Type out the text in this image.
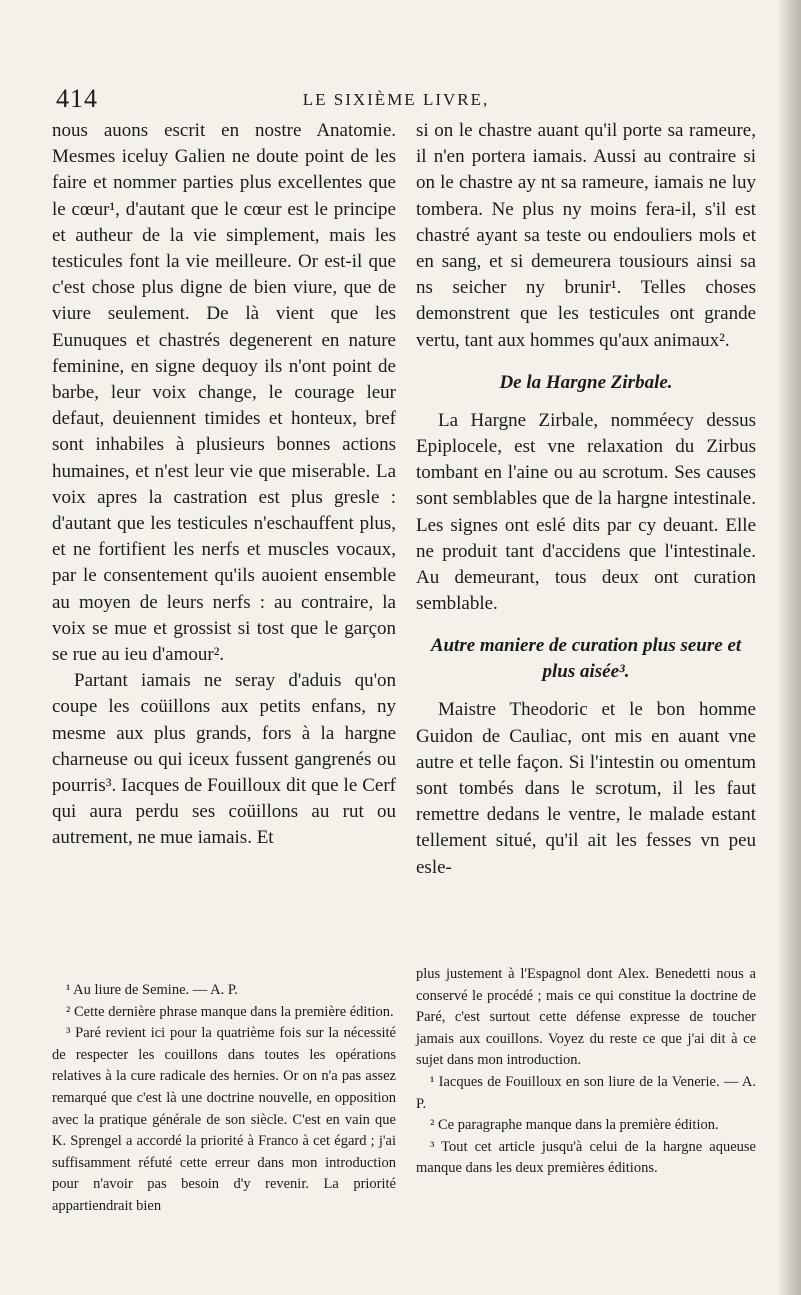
414	LE SIXIÈME LIVRE,

nous auons escrit en nostre Anatomie. Mesmes iceluy Galien ne doute point de les faire et nommer parties plus excellentes que le cœur¹, d'autant que le cœur est le principe et autheur de la vie simplement, mais les testicules font la vie meilleure. Or est-il que c'est chose plus digne de bien viure, que de viure seulement. De là vient que les Eunuques et chastrés degenerent en nature feminine, en signe dequoy ils n'ont point de barbe, leur voix change, le courage leur defaut, deuiennent timides et honteux, bref sont inhabiles à plusieurs bonnes actions humaines, et n'est leur vie que miserable. La voix apres la castration est plus gresle : d'autant que les testicules n'eschauffent plus, et ne fortifient les nerfs et muscles vocaux, par le consentement qu'ils auoient ensemble au moyen de leurs nerfs : au contraire, la voix se mue et grossist si tost que le garçon se rue au ieu d'amour².

Partant iamais ne seray d'aduis qu'on coupe les coüillons aux petits enfans, ny mesme aux plus grands, fors à la hargne charneuse ou qui iceux fussent gangrenés ou pourris³. Iacques de Fouilloux dit que le Cerf qui aura perdu ses coüillons au rut ou autrement, ne mue iamais. Et

si on le chastre auant qu'il porte sa rameure, il n'en portera iamais. Aussi au contraire si on le chastre ay nt sa rameure, iamais ne luy tombera. Ne plus ny moins fera-il, s'il est chastré ayant sa teste ou endouliers mols et en sang, et si demeurera tousiours ainsi sa ns seicher ny brunir¹. Telles choses demonstrent que les testicules ont grande vertu, tant aux hommes qu'aux animaux².

De la Hargne Zirbale.

La Hargne Zirbale, nomméecy dessus Epiplocele, est vne relaxation du Zirbus tombant en l'aine ou au scrotum. Ses causes sont semblables que de la hargne intestinale. Les signes ont eslé dits par cy deuant. Elle ne produit tant d'accidens que l'intestinale. Au demeurant, tous deux ont curation semblable.

Autre maniere de curation plus seure et plus aisée³.

Maistre Theodoric et le bon homme Guidon de Cauliac, ont mis en auant vne autre et telle façon. Si l'intestin ou omentum sont tombés dans le scrotum, il les faut remettre dedans le ventre, le malade estant tellement situé, qu'il ait les fesses vn peu esle-

¹ Au liure de Semine. — A. P.

² Cette dernière phrase manque dans la première édition.

³ Paré revient ici pour la quatrième fois sur la nécessité de respecter les couillons dans toutes les opérations relatives à la cure radicale des hernies. Or on n'a pas assez remarqué que c'est là une doctrine nouvelle, en opposition avec la pratique générale de son siècle. C'est en vain que K. Sprengel a accordé la priorité à Franco à cet égard ; j'ai suffisamment réfuté cette erreur dans mon introduction pour n'avoir pas besoin d'y revenir. La priorité appartiendrait bien

plus justement à l'Espagnol dont Alex. Benedetti nous a conservé le procédé ; mais ce qui constitue la doctrine de Paré, c'est surtout cette défense expresse de toucher jamais aux couillons. Voyez du reste ce que j'ai dit à ce sujet dans mon introduction.

¹ Iacques de Fouilloux en son liure de la Venerie. — A. P.

² Ce paragraphe manque dans la première édition.

³ Tout cet article jusqu'à celui de la hargne aqueuse manque dans les deux premières éditions.
